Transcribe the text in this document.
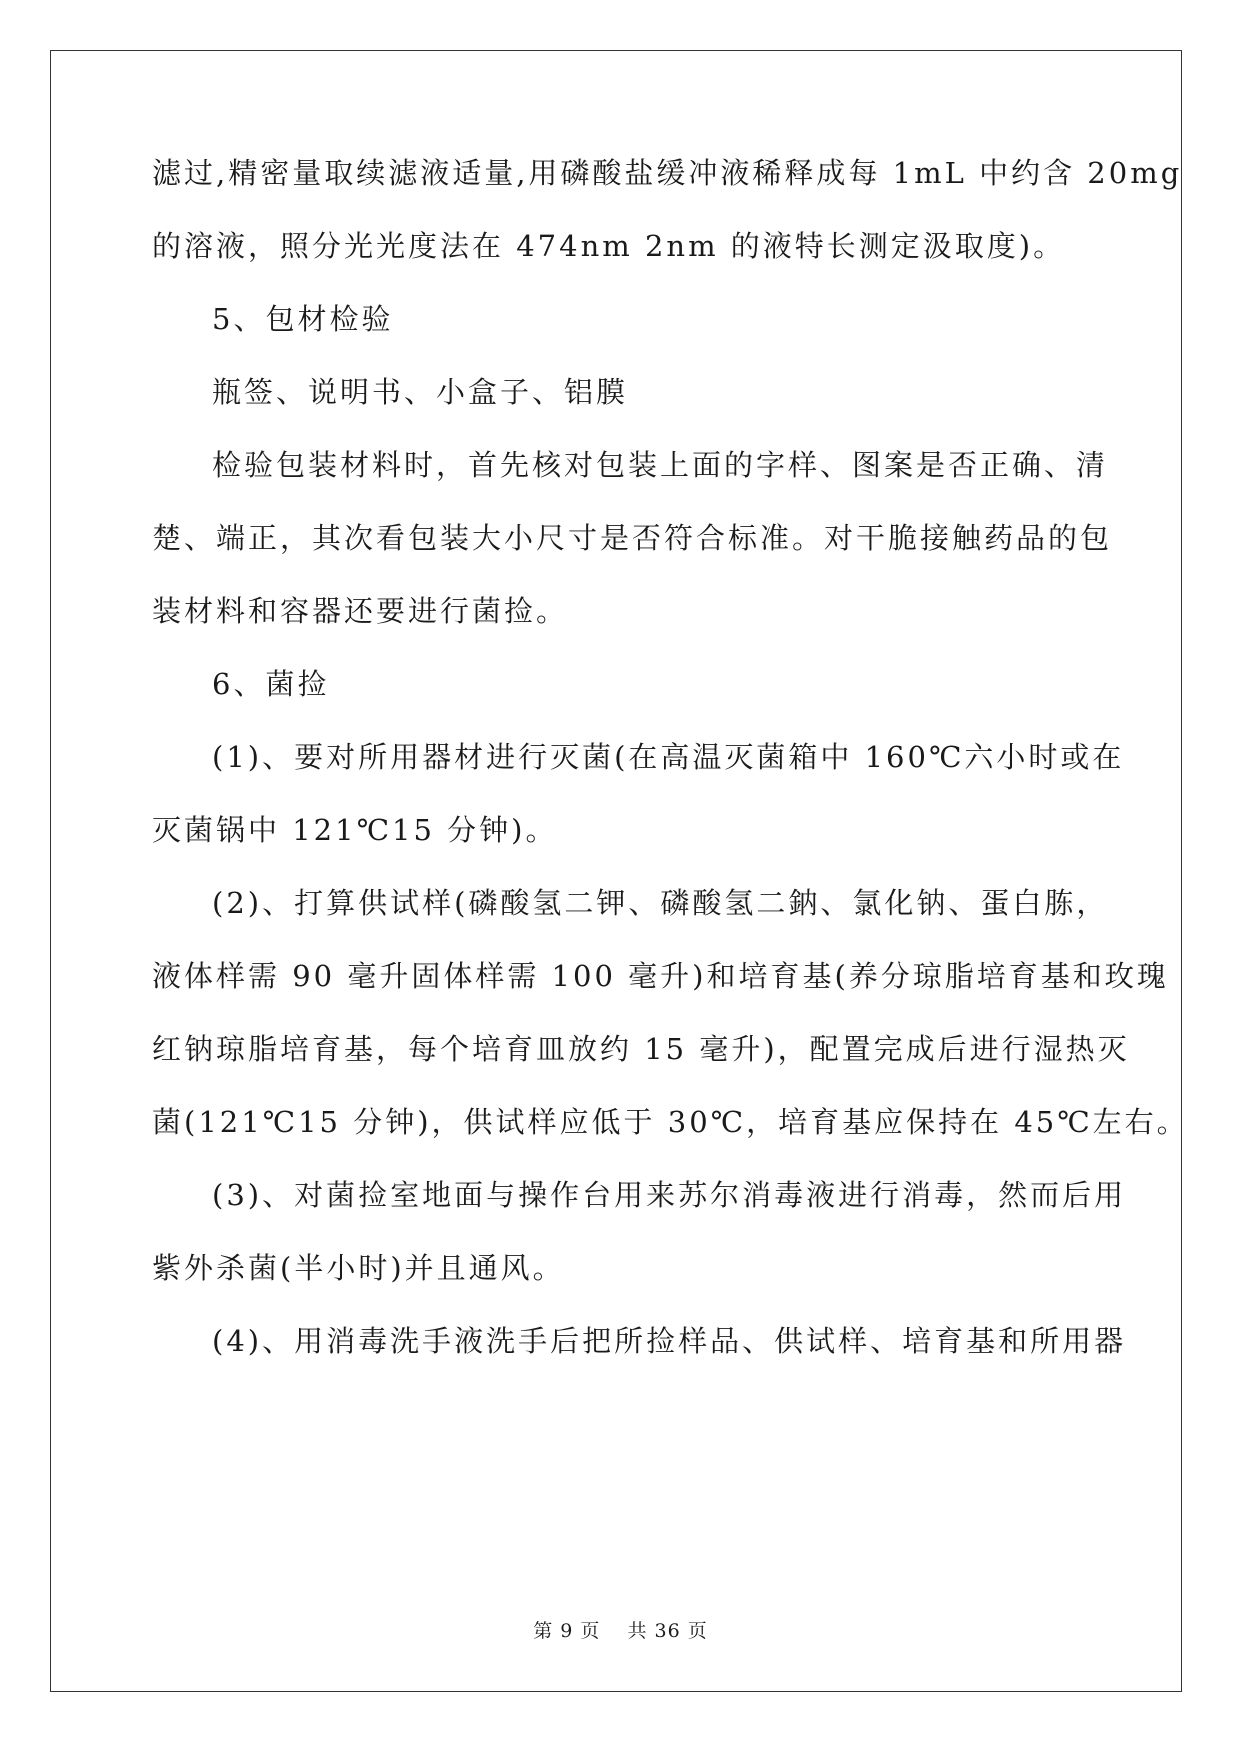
滤过,精密量取续滤液适量,用磷酸盐缓冲液稀释成每 1mL 中约含 20mg
的溶液，照分光光度法在 474nm 2nm 的液特长测定汲取度)。
5、包材检验
瓶签、说明书、小盒子、铝膜
检验包装材料时，首先核对包装上面的字样、图案是否正确、清
楚、端正，其次看包装大小尺寸是否符合标准。对干脆接触药品的包
装材料和容器还要进行菌捡。
6、菌捡
(1)、要对所用器材进行灭菌(在高温灭菌箱中 160℃六小时或在
灭菌锅中 121℃15 分钟)。
(2)、打算供试样(磷酸氢二钾、磷酸氢二鈉、氯化钠、蛋白胨，
液体样需 90 毫升固体样需 100 毫升)和培育基(养分琼脂培育基和玫瑰
红钠琼脂培育基，每个培育皿放约 15 毫升)，配置完成后进行湿热灭
菌(121℃15 分钟)，供试样应低于 30℃，培育基应保持在 45℃左右。
(3)、对菌捡室地面与操作台用来苏尔消毒液进行消毒，然而后用
紫外杀菌(半小时)并且通风。
(4)、用消毒洗手液洗手后把所捡样品、供试样、培育基和所用器
第 9 页　 共 36 页
